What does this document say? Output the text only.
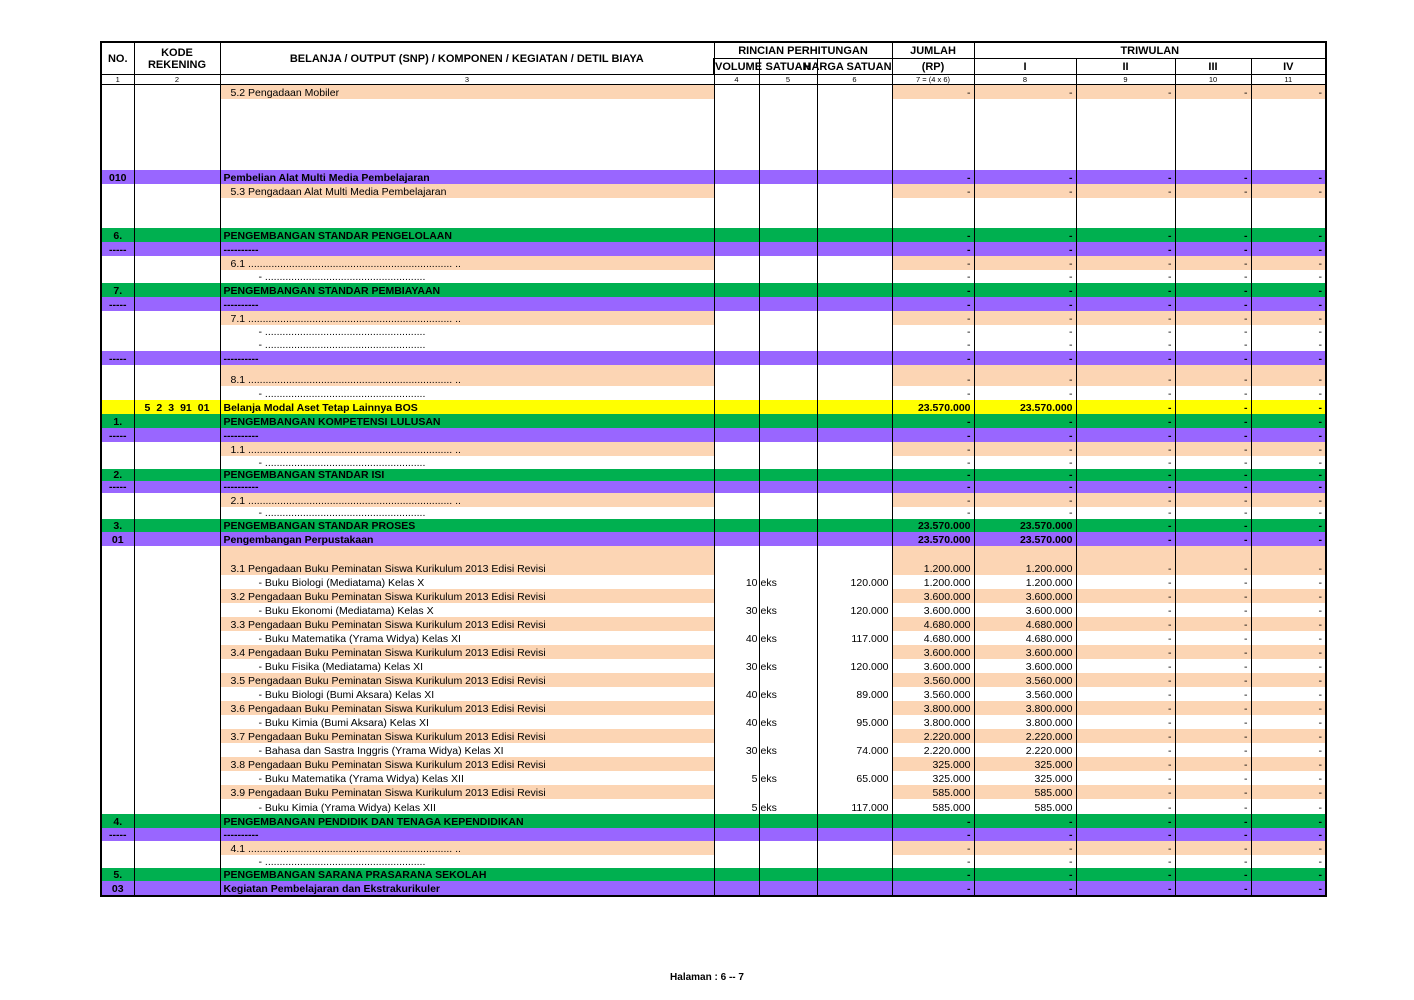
NO.	KODE
REKENING	BELANJA / OUTPUT (SNP) / KOMPONEN / KEGIATAN / DETIL BIAYA	RINCIAN PERHITUNGAN			JUMLAH	TRIWULAN			
			VOLUME	SATUAN	HARGA SATUAN	(RP)	I	II	III	IV
1	2	3	4	5	6	7 = (4 x 6)	8	9	10	11
		5.2 Pengadaan Mobiler				-	-	-	-	-

010		Pembelian Alat Multi Media Pembelajaran				-	-	-	-	-
		5.3 Pengadaan Alat Multi Media Pembelajaran				-	-	-	-	-

6.		PENGEMBANGAN STANDAR PENGELOLAAN				-	-	-	-	-
-----		----------				-	-	-	-	-
		6.1 ...................................................................... ..				-	-	-	-	-
		- .......................................................				-	-	-	-	-
7.		PENGEMBANGAN STANDAR PEMBIAYAAN				-	-	-	-	-
-----		----------				-	-	-	-	-
		7.1 ...................................................................... ..				-	-	-	-	-
		- .......................................................				-	-	-	-	-
		- .......................................................				-	-	-	-	-
-----		----------				-	-	-	-	-
		8.1 ...................................................................... ..				-	-	-	-	-
		- .......................................................				-	-	-	-	-
	5 2 3 91 01	Belanja Modal Aset Tetap Lainnya BOS				23.570.000	23.570.000	-	-	-
1.		PENGEMBANGAN KOMPETENSI LULUSAN				-	-	-	-	-
-----		----------				-	-	-	-	-
		1.1 ...................................................................... ..				-	-	-	-	-
		- .......................................................				-	-	-	-	-
2.		PENGEMBANGAN STANDAR ISI				-	-	-	-	-
-----		----------				-	-	-	-	-
		2.1 ...................................................................... ..				-	-	-	-	-
		- .......................................................				-	-	-	-	-
3.		PENGEMBANGAN STANDAR PROSES				23.570.000	23.570.000	-	-	-
01		Pengembangan Perpustakaan				23.570.000	23.570.000	-	-	-
		3.1 Pengadaan Buku Peminatan Siswa Kurikulum 2013 Edisi Revisi				1.200.000	1.200.000	-	-	-
		- Buku Biologi (Mediatama) Kelas X	10	eks	120.000	1.200.000	1.200.000	-	-	-
		3.2 Pengadaan Buku Peminatan Siswa Kurikulum 2013 Edisi Revisi				3.600.000	3.600.000	-	-	-
		- Buku Ekonomi (Mediatama) Kelas X	30	eks	120.000	3.600.000	3.600.000	-	-	-
		3.3 Pengadaan Buku Peminatan Siswa Kurikulum 2013 Edisi Revisi				4.680.000	4.680.000	-	-	-
		- Buku Matematika (Yrama Widya) Kelas XI	40	eks	117.000	4.680.000	4.680.000	-	-	-
		3.4 Pengadaan Buku Peminatan Siswa Kurikulum 2013 Edisi Revisi				3.600.000	3.600.000	-	-	-
		- Buku Fisika (Mediatama) Kelas XI	30	eks	120.000	3.600.000	3.600.000	-	-	-
		3.5 Pengadaan Buku Peminatan Siswa Kurikulum 2013 Edisi Revisi				3.560.000	3.560.000	-	-	-
		- Buku Biologi (Bumi Aksara) Kelas XI	40	eks	89.000	3.560.000	3.560.000	-	-	-
		3.6 Pengadaan Buku Peminatan Siswa Kurikulum 2013 Edisi Revisi				3.800.000	3.800.000	-	-	-
		- Buku Kimia (Bumi Aksara) Kelas XI	40	eks	95.000	3.800.000	3.800.000	-	-	-
		3.7 Pengadaan Buku Peminatan Siswa Kurikulum 2013 Edisi Revisi				2.220.000	2.220.000	-	-	-
		- Bahasa dan Sastra Inggris (Yrama Widya) Kelas XI	30	eks	74.000	2.220.000	2.220.000	-	-	-
		3.8 Pengadaan Buku Peminatan Siswa Kurikulum 2013 Edisi Revisi				325.000	325.000	-	-	-
		- Buku Matematika (Yrama Widya) Kelas XII	5	eks	65.000	325.000	325.000	-	-	-
		3.9 Pengadaan Buku Peminatan Siswa Kurikulum 2013 Edisi Revisi				585.000	585.000	-	-	-
		- Buku Kimia (Yrama Widya) Kelas XII	5	eks	117.000	585.000	585.000	-	-	-
4.		PENGEMBANGAN PENDIDIK DAN TENAGA KEPENDIDIKAN				-	-	-	-	-
-----		----------				-	-	-	-	-
		4.1 ...................................................................... ..				-	-	-	-	-
		- .......................................................				-	-	-	-	-
5.		PENGEMBANGAN SARANA PRASARANA SEKOLAH				-	-	-	-	-
03		Kegiatan Pembelajaran dan Ekstrakurikuler				-	-	-	-	-
Halaman : 6 -- 7
